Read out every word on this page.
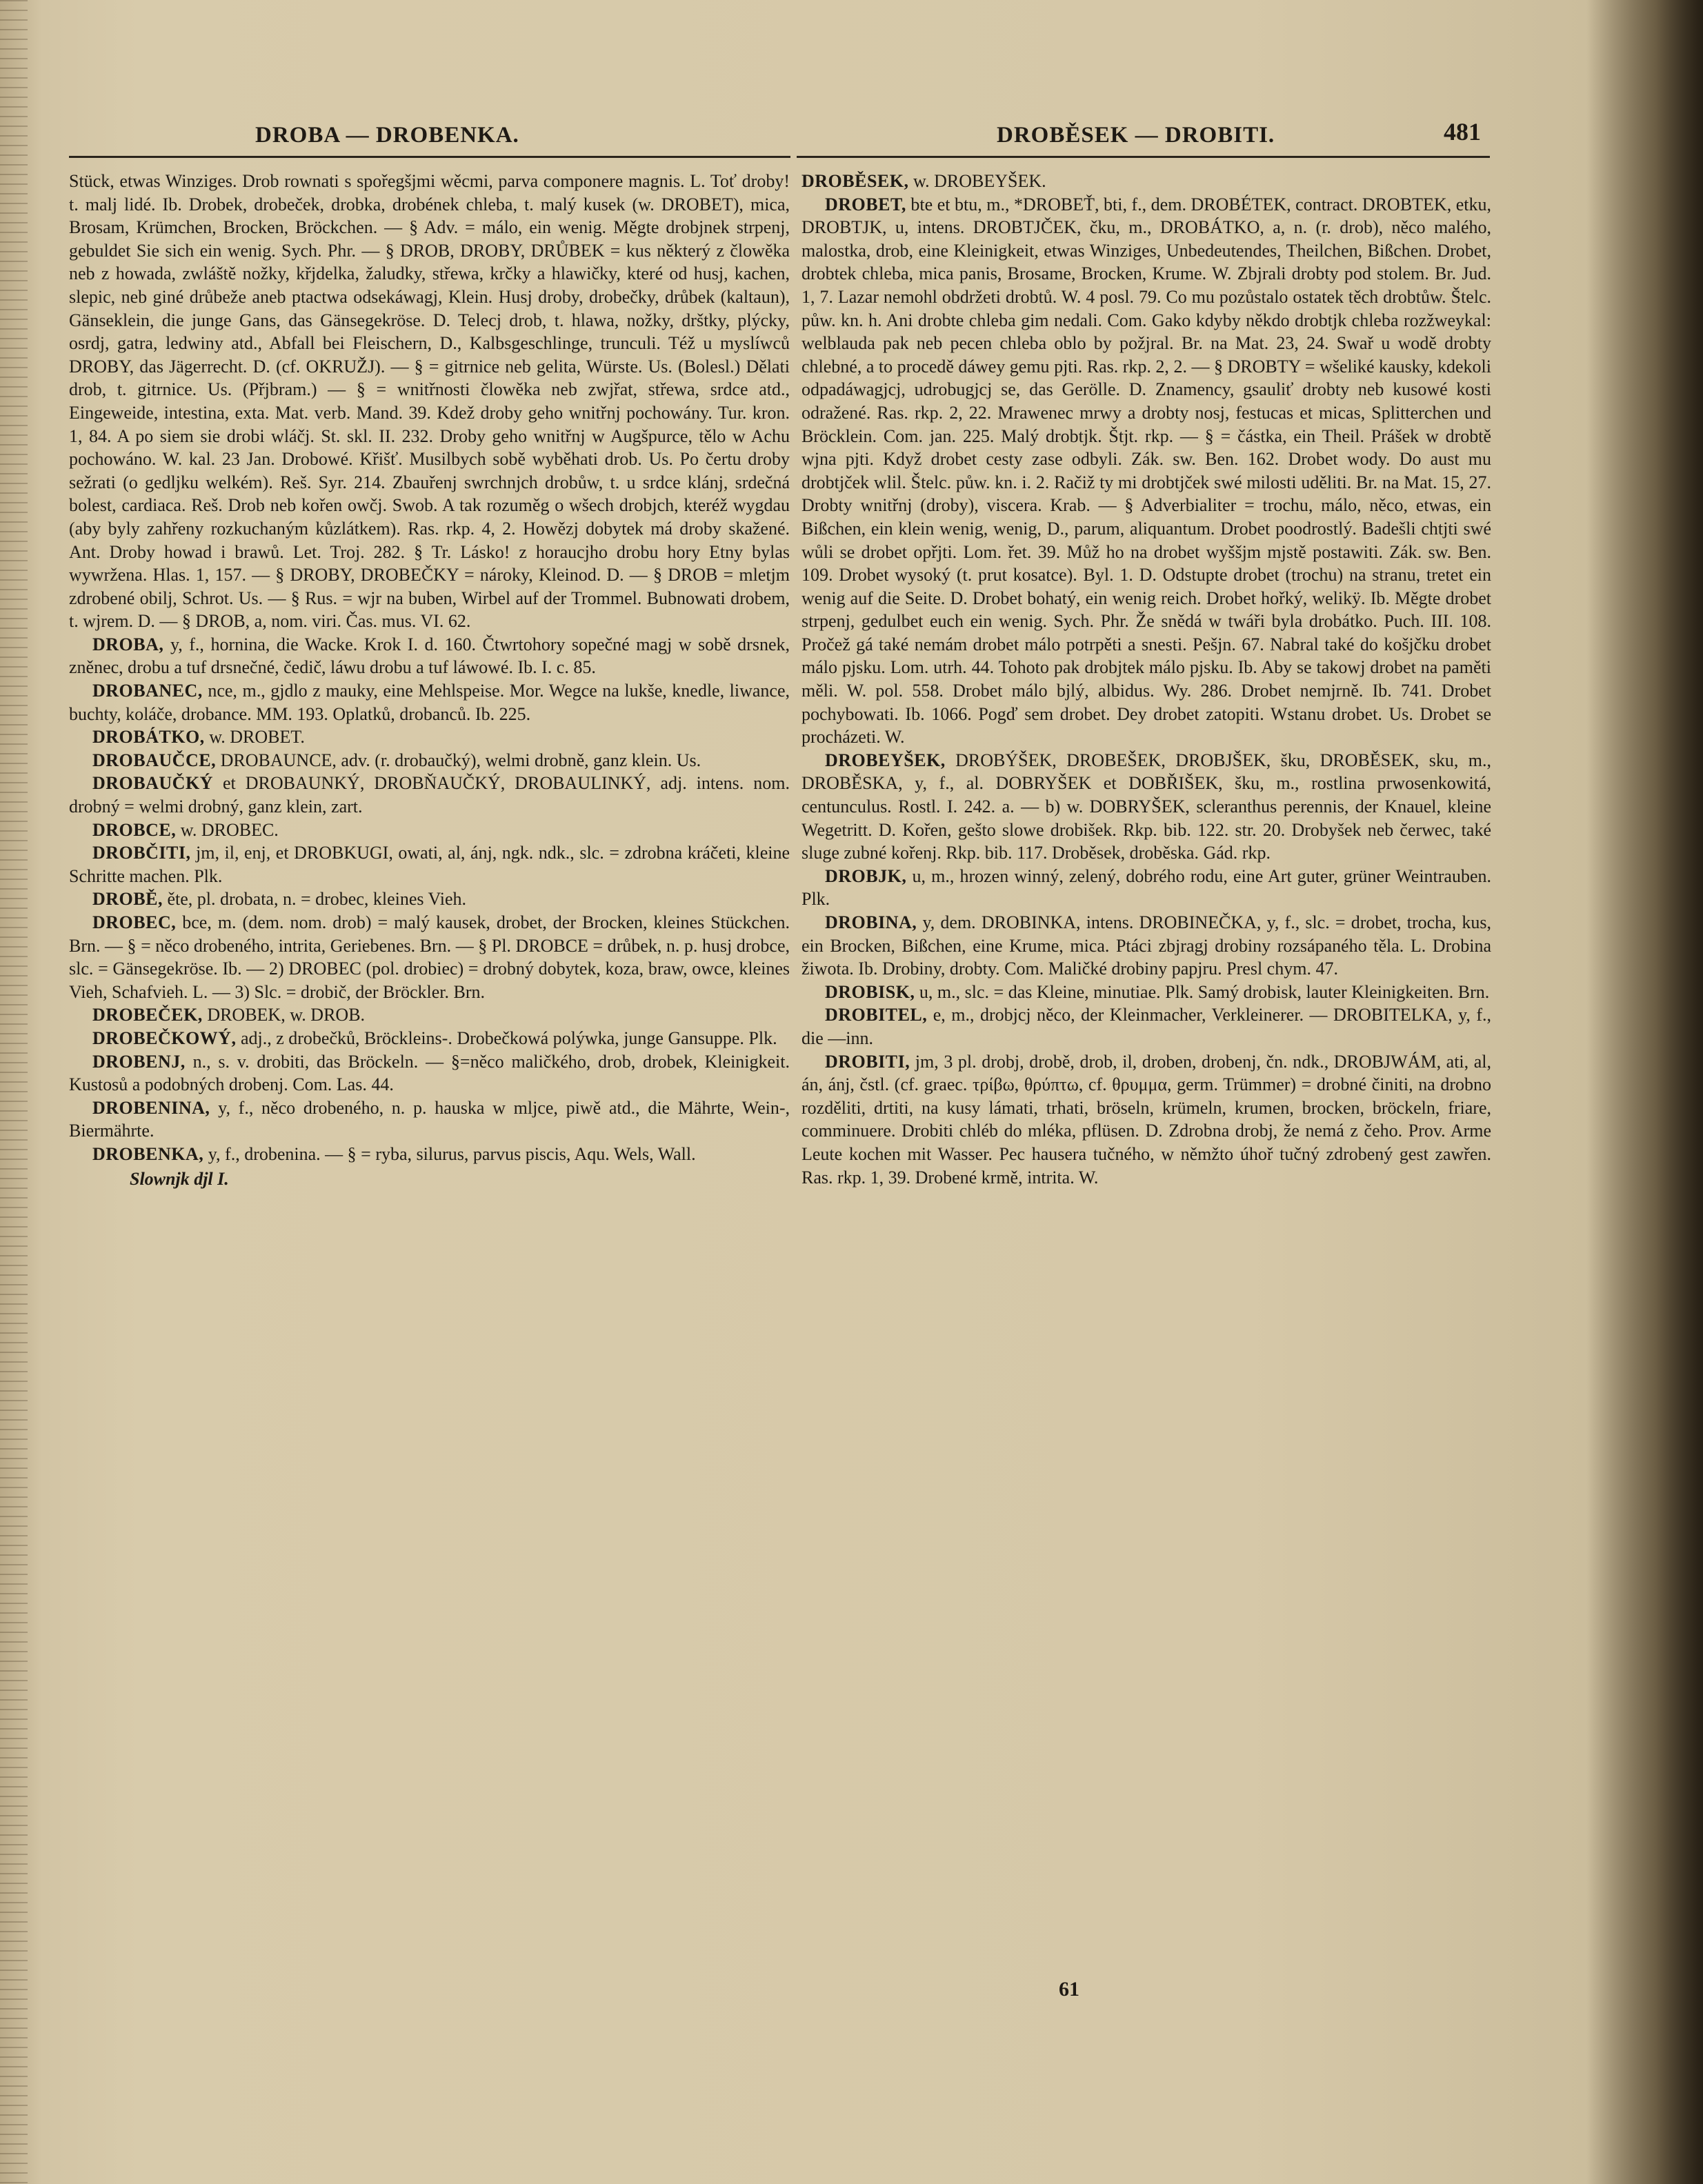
DROBA — DROBENKA.	DROBĚSEK — DROBITI.	481

Stück, etwas Winziges. Drob rownati s spořegšjmi wěcmi, parva componere magnis. L. Toť droby! t. malj lidé. Ib. Drobek, drobeček, drobka, drobének chleba, t. malý kusek (w. DROBET), mica, Brosam, Krümchen, Brocken, Bröckchen. — § Adv. = málo, ein wenig. Měgte drobjnek strpenj, gebuldet Sie sich ein wenig. Sych. Phr. — § DROB, DROBY, DRŮBEK = kus některý z člowěka neb z howada, zwláště nožky, křjdelka, žaludky, střewa, krčky a hlawičky, které od husj, kachen, slepic, neb giné drůbeže aneb ptactwa odsekáwagj, Klein. Husj droby, drobečky, drůbek (kaltaun), Gänseklein, die junge Gans, das Gänsegekröse. D. Telecj drob, t. hlawa, nožky, drštky, plýcky, osrdj, gatra, ledwiny atd., Abfall bei Fleischern, D., Kalbsgeschlinge, trunculi. Též u myslíwců DROBY, das Jägerrecht. D. (cf. OKRUŽJ). — § = gitrnice neb gelita, Würste. Us. (Bolesl.) Dělati drob, t. gitrnice. Us. (Přjbram.) — § = wnitřnosti člowěka neb zwjřat, střewa, srdce atd., Eingeweide, intestina, exta. Mat. verb. Mand. 39. Kdež droby geho wnitřnj pochowány. Tur. kron. 1, 84. A po siem sie drobi wláčj. St. skl. II. 232. Droby geho wnitřnj w Augšpurce, tělo w Achu pochowáno. W. kal. 23 Jan. Drobowé. Křišť. Musilbych sobě wyběhati drob. Us. Po čertu droby sežrati (o gedljku welkém). Reš. Syr. 214. Zbauřenj swrchnjch drobůw, t. u srdce klánj, srdečná bolest, cardiaca. Reš. Drob neb kořen owčj. Swob. A tak rozuměg o wšech drobjch, kteréž wygdau (aby byly zahřeny rozkuchaným kůzlátkem). Ras. rkp. 4, 2. Howězj dobytek má droby skažené. Ant. Droby howad i brawů. Let. Troj. 282. § Tr. Lásko! z horaucjho drobu hory Etny bylas wywržena. Hlas. 1, 157. — § DROBY, DROBEČKY = nároky, Kleinod. D. — § DROB = mletjm zdrobené obilj, Schrot. Us. — § Rus. = wjr na buben, Wirbel auf der Trommel. Bubnowati drobem, t. wjrem. D. — § DROB, a, nom. viri. Čas. mus. VI. 62.

DROBA, y, f., hornina, die Wacke. Krok I. d. 160. Čtwrtohory sopečné magj w sobě drsnek, zněnec, drobu a tuf drsnečné, čedič, láwu drobu a tuf láwowé. Ib. I. c. 85.

DROBANEC, nce, m., gjdlo z mauky, eine Mehlspeise. Mor. Wegce na lukše, knedle, liwance, buchty, koláče, drobance. MM. 193. Oplatků, drobanců. Ib. 225.

DROBÁTKO, w. DROBET.

DROBAUČCE, DROBAUNCE, adv. (r. drobaučký), welmi drobně, ganz klein. Us.

DROBAUČKÝ et DROBAUNKÝ, DROBŇAUČKÝ, DROBAULINKÝ, adj. intens. nom. drobný = welmi drobný, ganz klein, zart.

DROBCE, w. DROBEC.

DROBČITI, jm, il, enj, et DROBKUGI, owati, al, ánj, ngk. ndk., slc. = zdrobna kráčeti, kleine Schritte machen. Plk.

DROBĚ, ěte, pl. drobata, n. = drobec, kleines Vieh.

DROBEC, bce, m. (dem. nom. drob) = malý kausek, drobet, der Brocken, kleines Stückchen. Brn. — § = něco drobeného, intrita, Geriebenes. Brn. — § Pl. DROBCE = drůbek, n. p. husj drobce, slc. = Gänsegekröse. Ib. — 2) DROBEC (pol. drobiec) = drobný dobytek, koza, braw, owce, kleines Vieh, Schafvieh. L. — 3) Slc. = drobič, der Bröckler. Brn.

DROBEČEK, DROBEK, w. DROB.

DROBEČKOWÝ, adj., z drobečků, Bröckleins-. Drobečkowá polýwka, junge Gansuppe. Plk.

DROBENJ, n., s. v. drobiti, das Bröckeln. — §=něco maličkého, drob, drobek, Kleinigkeit. Kustosů a podobných drobenj. Com. Las. 44.

DROBENINA, y, f., něco drobeného, n. p. hauska w mljce, piwě atd., die Mährte, Wein-, Biermährte.

DROBENKA, y, f., drobenina. — § = ryba, silurus, parvus piscis, Aqu. Wels, Wall.

Slownjk djl I.

DROBĚSEK, w. DROBEYŠEK.

DROBET, bte et btu, m., *DROBEŤ, bti, f., dem. DROBÉTEK, contract. DROBTEK, etku, DROBTJK, u, intens. DROBTJČEK, čku, m., DROBÁTKO, a, n. (r. drob), něco malého, malostka, drob, eine Kleinigkeit, etwas Winziges, Unbedeutendes, Theilchen, Bißchen. Drobet, drobtek chleba, mica panis, Brosame, Brocken, Krume. W. Zbjrali drobty pod stolem. Br. Jud. 1, 7. Lazar nemohl obdržeti drobtů. W. 4 posl. 79. Co mu pozůstalo ostatek těch drobtůw. Štelc. půw. kn. h. Ani drobte chleba gim nedali. Com. Gako kdyby někdo drobtjk chleba rozžweykal: welblauda pak neb pecen chleba oblo by požjral. Br. na Mat. 23, 24. Swař u wodě drobty chlebné, a to procedě dáwey gemu pjti. Ras. rkp. 2, 2. — § DROBTY = wšeliké kausky, kdekoli odpadáwagjcj, udrobugjcj se, das Gerölle. D. Znamency, gsauliť drobty neb kusowé kosti odražené. Ras. rkp. 2, 22. Mrawenec mrwy a drobty nosj, festucas et micas, Splitterchen und Bröcklein. Com. jan. 225. Malý drobtjk. Štjt. rkp. — § = částka, ein Theil. Prášek w drobtě wjna pjti. Když drobet cesty zase odbyli. Zák. sw. Ben. 162. Drobet wody. Do aust mu drobtjček wlil. Štelc. půw. kn. i. 2. Račiž ty mi drobtjček swé milosti uděliti. Br. na Mat. 15, 27. Drobty wnitřnj (droby), viscera. Krab. — § Adverbialiter = trochu, málo, něco, etwas, ein Bißchen, ein klein wenig, wenig, D., parum, aliquantum. Drobet poodrostlý. Badešli chtjti swé wůli se drobet opřjti. Lom. řet. 39. Můž ho na drobet wyššjm mjstě postawiti. Zák. sw. Ben. 109. Drobet wysoký (t. prut kosatce). Byl. 1. D. Odstupte drobet (trochu) na stranu, tretet ein wenig auf die Seite. D. Drobet bohatý, ein wenig reich. Drobet hořký, welikÿ. Ib. Měgte drobet strpenj, gedulbet euch ein wenig. Sych. Phr. Že snědá w twáři byla drobátko. Puch. III. 108. Pročež gá také nemám drobet málo potrpěti a snesti. Pešjn. 67. Nabral také do košjčku drobet málo pjsku. Lom. utrh. 44. Tohoto pak drobjtek málo pjsku. Ib. Aby se takowj drobet na paměti měli. W. pol. 558. Drobet málo bjlý, albidus. Wy. 286. Drobet nemjrně. Ib. 741. Drobet pochybowati. Ib. 1066. Pogď sem drobet. Dey drobet zatopiti. Wstanu drobet. Us. Drobet se procházeti. W.

DROBEYŠEK, DROBÝŠEK, DROBEŠEK, DROBJŠEK, šku, DROBĚSEK, sku, m., DROBĚSKA, y, f., al. DOBRYŠEK et DOBŘIŠEK, šku, m., rostlina prwosenkowitá, centunculus. Rostl. I. 242. a. — b) w. DOBRYŠEK, scleranthus perennis, der Knauel, kleine Wegetritt. D. Kořen, gešto slowe drobišek. Rkp. bib. 122. str. 20. Drobyšek neb čerwec, také sluge zubné kořenj. Rkp. bib. 117. Droběsek, droběska. Gád. rkp.

DROBJK, u, m., hrozen winný, zelený, dobrého rodu, eine Art guter, grüner Weintrauben. Plk.

DROBINA, y, dem. DROBINKA, intens. DROBINEČKA, y, f., slc. = drobet, trocha, kus, ein Brocken, Bißchen, eine Krume, mica. Ptáci zbjragj drobiny rozsápaného těla. L. Drobina žiwota. Ib. Drobiny, drobty. Com. Maličké drobiny papjru. Presl chym. 47.

DROBISK, u, m., slc. = das Kleine, minutiae. Plk. Samý drobisk, lauter Kleinigkeiten. Brn.

DROBITEL, e, m., drobjcj něco, der Kleinmacher, Verkleinerer. — DROBITELKA, y, f., die —inn.

DROBITI, jm, 3 pl. drobj, drobě, drob, il, droben, drobenj, čn. ndk., DROBJWÁM, ati, al, án, ánj, čstl. (cf. graec. τρίβω, θρύπτω, cf. θρυμμα, germ. Trümmer) = drobné činiti, na drobno rozděliti, drtiti, na kusy lámati, trhati, bröseln, krümeln, krumen, brocken, bröckeln, friare, comminuere. Drobiti chléb do mléka, pflüsen. D. Zdrobna drobj, že nemá z čeho. Prov. Arme Leute kochen mit Wasser. Pec hausera tučného, w němžto úhoř tučný zdrobený gest zawřen. Ras. rkp. 1, 39. Drobené krmě, intrita. W.

61
